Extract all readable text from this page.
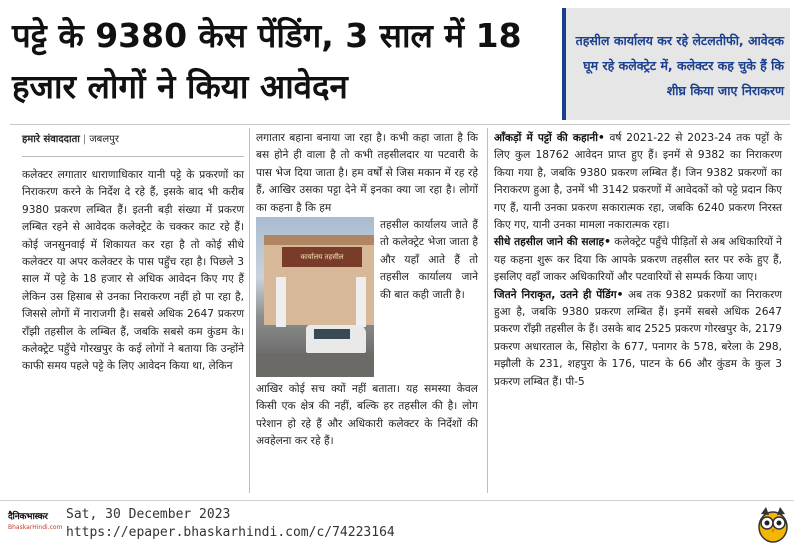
पट्टे के 9380 केस पेंडिंग, 3 साल में 18 हजार लोगों ने किया आवेदन
तहसील कार्यालय कर रहे लेटलतीफी, आवेदक घूम रहे कलेक्ट्रेट में, कलेक्टर कह चुके हैं कि शीघ्र किया जाए निराकरण
हमारे संवाददाता | जबलपुर

कलेक्टर लगातार धाराणाधिकार यानी पट्टे के प्रकरणों का निराकरण करने के निर्देश दे रहे हैं, इसके बाद भी करीब 9380 प्रकरण लम्बित हैं। इतनी बड़ी संख्या में प्रकरण लम्बित रहने से आवेदक कलेक्ट्रेट के चक्कर काट रहे हैं। कोई जनसुनवाई में शिकायत कर रहा है तो कोई सीधे कलेक्टर या अपर कलेक्टर के पास पहुँच रहा है। पिछले 3 साल में पट्टे के 18 हजार से अधिक आवेदन किए गए हैं लेकिन उस हिसाब से उनका निराकरण नहीं हो पा रहा है, जिससे लोगों में नाराजगी है। सबसे अधिक 2647 प्रकरण राँझी तहसील के लम्बित हैं, जबकि सबसे कम कुंडम के। कलेक्ट्रेट पहुँचे गोरखपुर के कई लोगों ने बताया कि उन्होंने काफी समय पहले पट्टे के लिए आवेदन किया था, लेकिन

लगातार बहाना बनाया जा रहा है। कभी कहा जाता है कि बस होने ही वाला है तो कभी तहसीलदार या पटवारी के पास भेज दिया जाता है। हम वर्षों से जिस मकान में रह रहे हैं, आखिर उसका पट्टा देने में इनका क्या जा रहा है। लोगों का कहना है कि हम

कार्यालय तहसील

तहसील कार्यालय जाते हैं तो कलेक्ट्रेट भेजा जाता है और यहाँ आते हैं तो तहसील कार्यालय जाने की बात कही जाती है।

आखिर कोई सच क्यों नहीं बताता। यह समस्या केवल किसी एक क्षेत्र की नहीं, बल्कि हर तहसील की है। लोग परेशान हो रहे हैं और अधिकारी कलेक्टर के निर्देशों की अवहेलना कर रहे हैं।

आँकड़ों में पट्टों की कहानी• वर्ष 2021-22 से 2023-24 तक पट्टों के लिए कुल 18762 आवेदन प्राप्त हुए हैं। इनमें से 9382 का निराकरण किया गया है, जबकि 9380 प्रकरण लम्बित हैं। जिन 9382 प्रकरणों का निराकरण हुआ है, उनमें भी 3142 प्रकरणों में आवेदकों को पट्टे प्रदान किए गए हैं, यानी उनका प्रकरण सकारात्मक रहा, जबकि 6240 प्रकरण निरस्त किए गए, यानी उनका मामला नकारात्मक रहा।

सीधे तहसील जाने की सलाह• कलेक्ट्रेट पहुँचे पीड़ितों से अब अधिकारियों ने यह कहना शुरू कर दिया कि आपके प्रकरण तहसील स्तर पर रुके हुए हैं, इसलिए वहाँ जाकर अधिकारियों और पटवारियों से सम्पर्क किया जाए।

जितने निराकृत, उतने ही पेंडिंग• अब तक 9382 प्रकरणों का निराकरण हुआ है, जबकि 9380 प्रकरण लम्बित हैं। इनमें सबसे अधिक 2647 प्रकरण राँझी तहसील के हैं। उसके बाद 2525 प्रकरण गोरखपुर के, 2179 प्रकरण अधारताल के, सिहोरा के 677, पनागर के 578, बरेला के 298, मझौली के 231, शहपुरा के 176, पाटन के 66 और कुंडम के कुल 3 प्रकरण लम्बित हैं। पी-5

दैनिकभास्कर
BhaskarHindi.com
Sat, 30 December 2023
https://epaper.bhaskarhindi.com/c/74223164
